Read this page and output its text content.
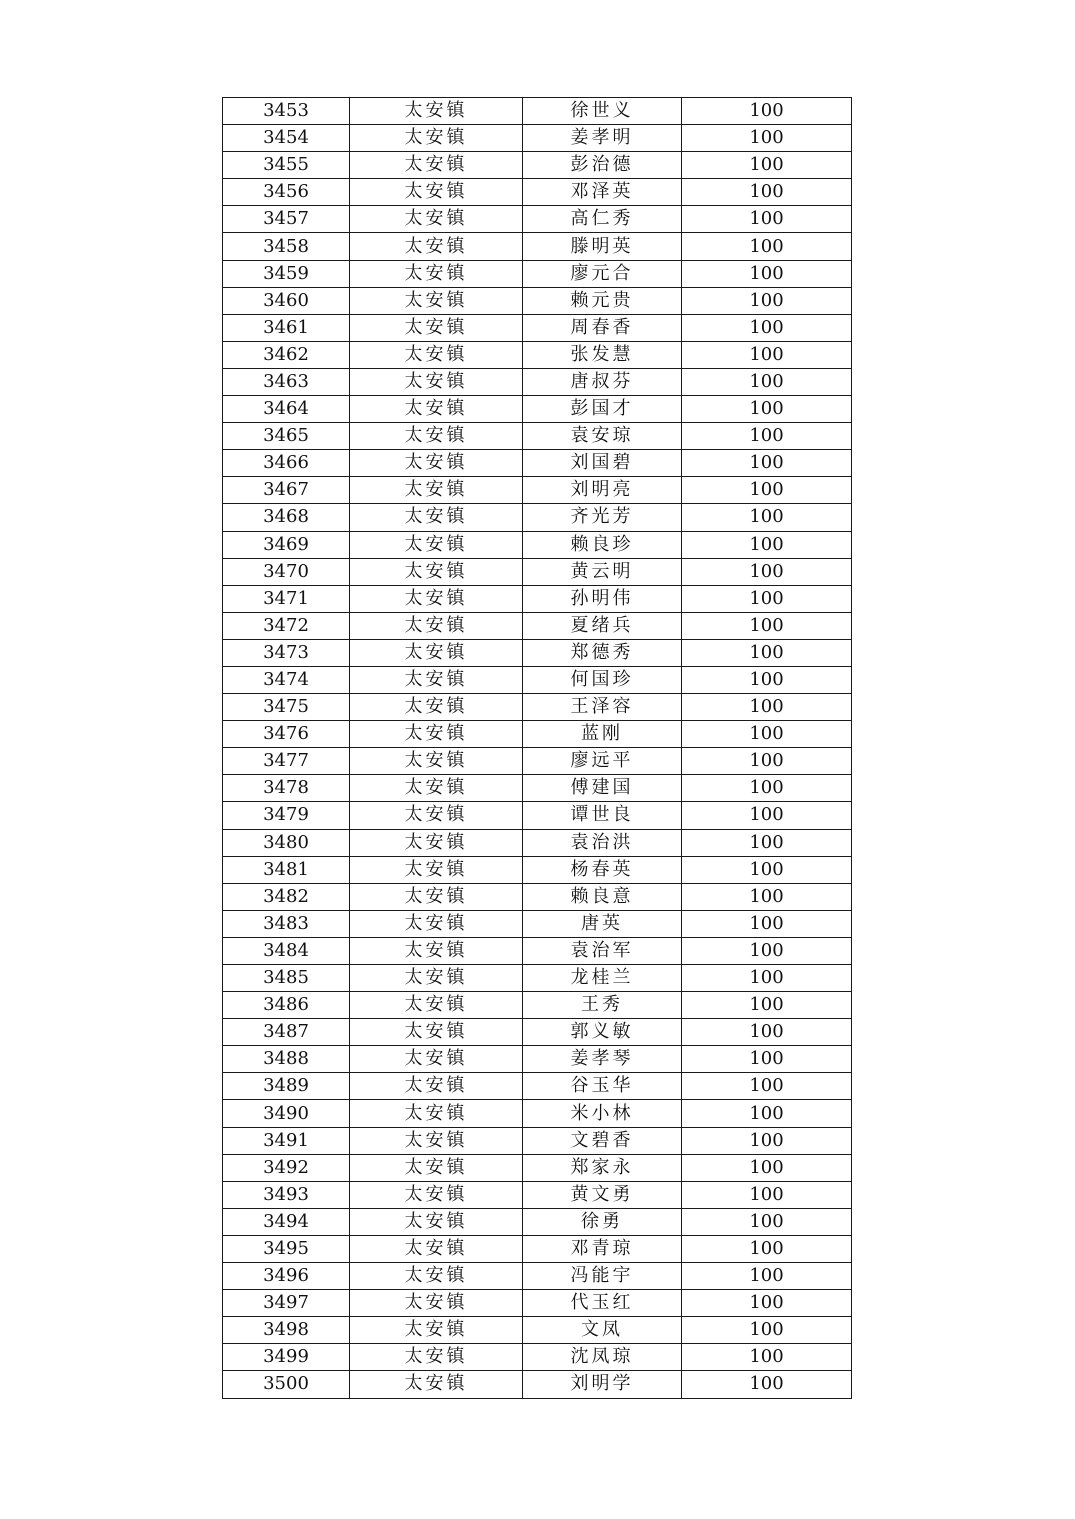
3453	太安镇	徐世义	100
3454	太安镇	姜孝明	100
3455	太安镇	彭治德	100
3456	太安镇	邓泽英	100
3457	太安镇	高仁秀	100
3458	太安镇	滕明英	100
3459	太安镇	廖元合	100
3460	太安镇	赖元贵	100
3461	太安镇	周春香	100
3462	太安镇	张发慧	100
3463	太安镇	唐叔芬	100
3464	太安镇	彭国才	100
3465	太安镇	袁安琼	100
3466	太安镇	刘国碧	100
3467	太安镇	刘明亮	100
3468	太安镇	齐光芳	100
3469	太安镇	赖良珍	100
3470	太安镇	黄云明	100
3471	太安镇	孙明伟	100
3472	太安镇	夏绪兵	100
3473	太安镇	郑德秀	100
3474	太安镇	何国珍	100
3475	太安镇	王泽容	100
3476	太安镇	蓝刚	100
3477	太安镇	廖远平	100
3478	太安镇	傅建国	100
3479	太安镇	谭世良	100
3480	太安镇	袁治洪	100
3481	太安镇	杨春英	100
3482	太安镇	赖良意	100
3483	太安镇	唐英	100
3484	太安镇	袁治军	100
3485	太安镇	龙桂兰	100
3486	太安镇	王秀	100
3487	太安镇	郭义敏	100
3488	太安镇	姜孝琴	100
3489	太安镇	谷玉华	100
3490	太安镇	米小林	100
3491	太安镇	文碧香	100
3492	太安镇	郑家永	100
3493	太安镇	黄文勇	100
3494	太安镇	徐勇	100
3495	太安镇	邓青琼	100
3496	太安镇	冯能宇	100
3497	太安镇	代玉红	100
3498	太安镇	文凤	100
3499	太安镇	沈凤琼	100
3500	太安镇	刘明学	100
